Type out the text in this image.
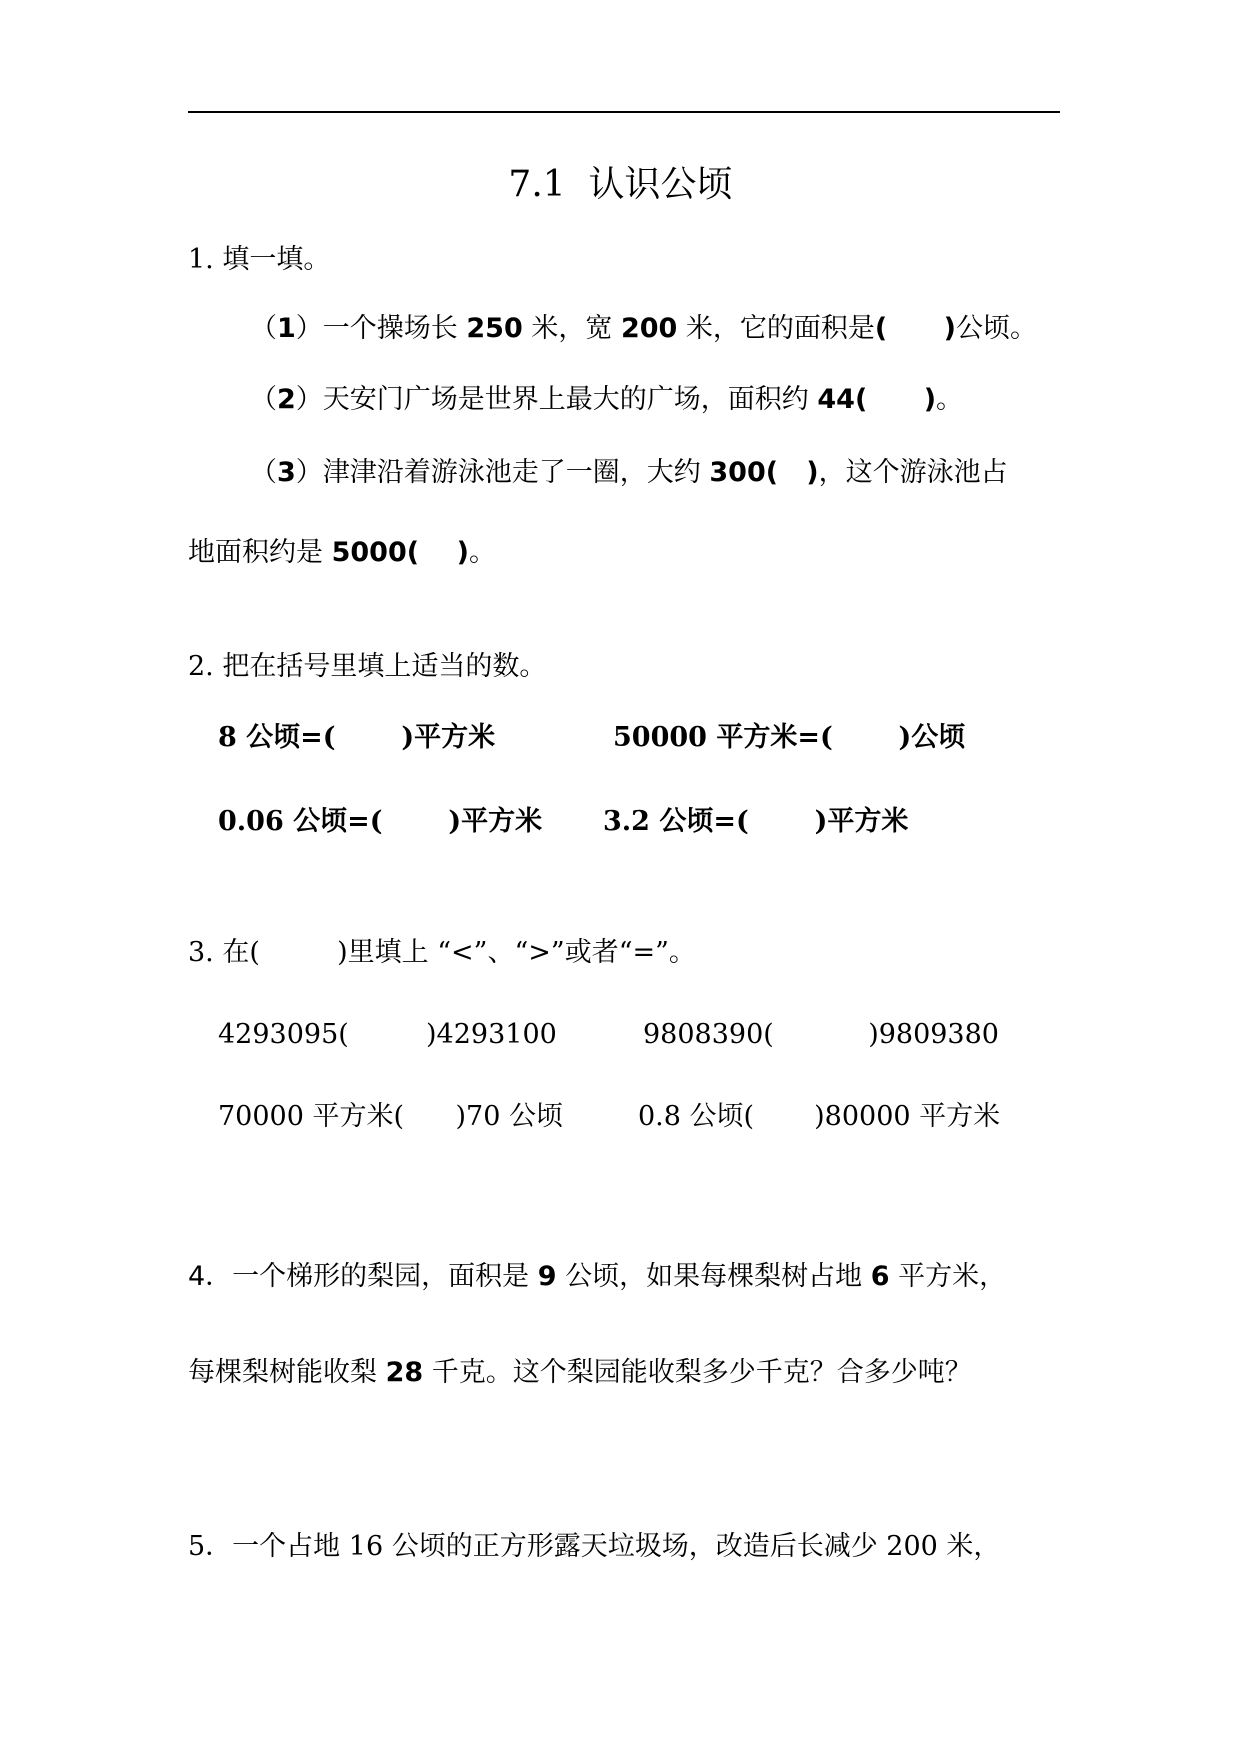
7.1  认识公顷
1. 填一填。
（1）一个操场长 250 米，宽 200 米，它的面积是(      )公顷。
（2）天安门广场是世界上最大的广场，面积约 44(      )。
（3）津津沿着游泳池走了一圈，大约 300(   )，这个游泳池占
地面积约是 5000(    )。
2. 把在括号里填上适当的数。
8 公顷=(       )平方米	50000 平方米=(       )公顷
0.06 公顷=(       )平方米 3.2 公顷=(       )平方米
3. 在(         )里填上 “<”、“>”或者“=”。
4293095(         )4293100	9808390(           )9809380
70000 平方米(      )70 公顷	0.8 公顷(       )80000 平方米
4．一个梯形的梨园，面积是 9 公顷，如果每棵梨树占地 6 平方米，
每棵梨树能收梨 28 千克。这个梨园能收梨多少千克？合多少吨？
5．一个占地 16 公顷的正方形露天垃圾场，改造后长减少 200 米，
